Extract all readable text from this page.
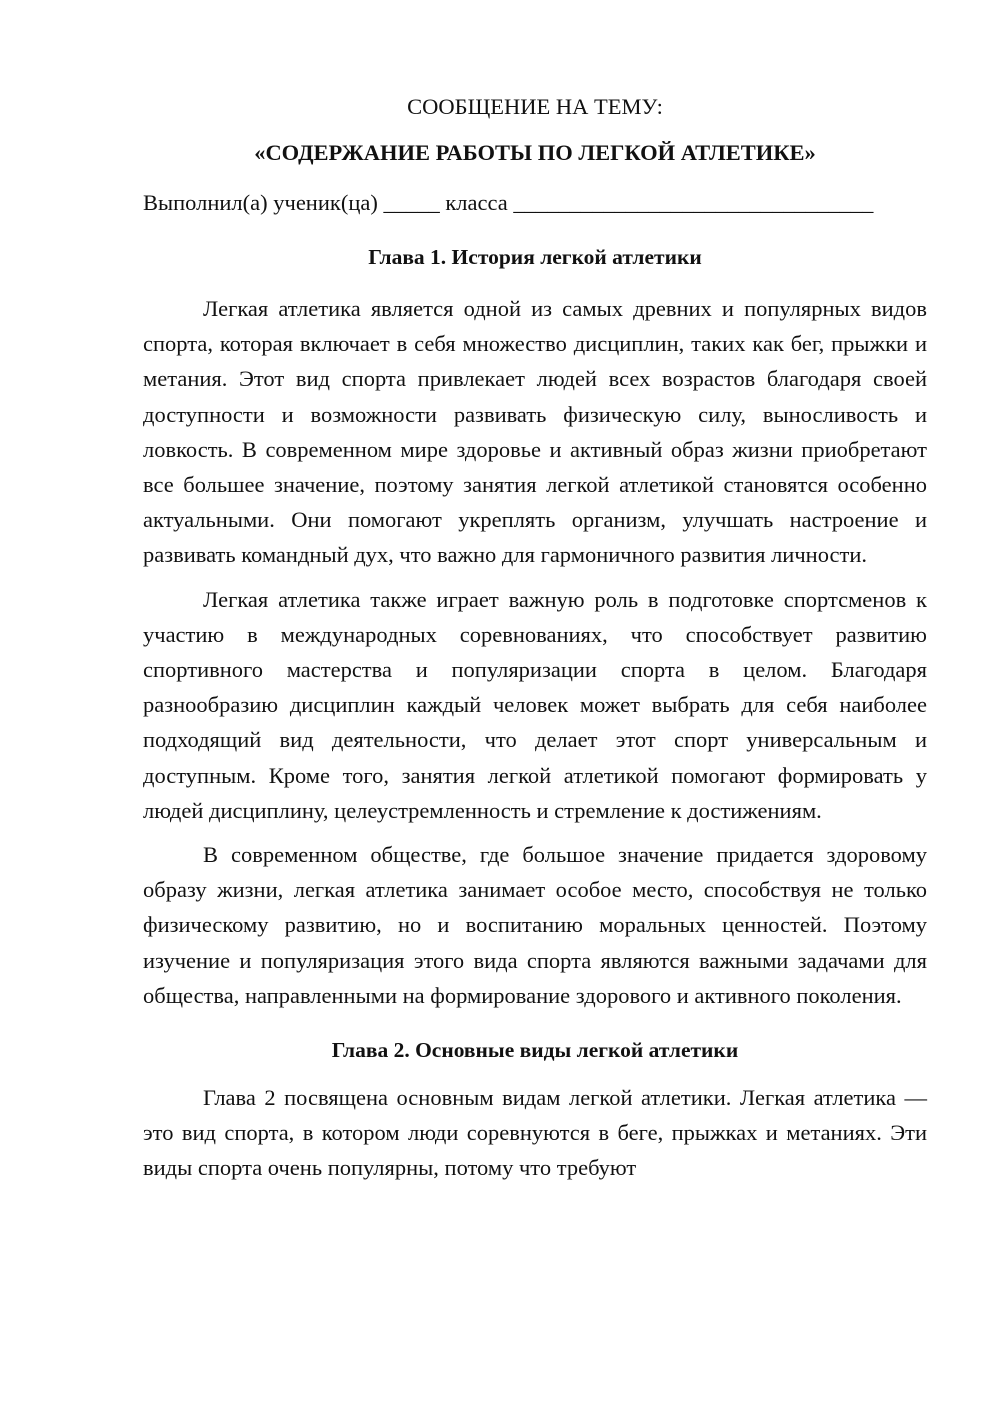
СООБЩЕНИЕ НА ТЕМУ:

«СОДЕРЖАНИЕ РАБОТЫ ПО ЛЕГКОЙ АТЛЕТИКЕ»

Выполнил(а) ученик(ца) _____ класса ________________________________
Глава 1. История легкой атлетики

Легкая атлетика является одной из самых древних и популярных видов спорта, которая включает в себя множество дисциплин, таких как бег, прыжки и метания. Этот вид спорта привлекает людей всех возрастов благодаря своей доступности и возможности развивать физическую силу, выносливость и ловкость. В современном мире здоровье и активный образ жизни приобретают все большее значение, поэтому занятия легкой атлетикой становятся особенно актуальными. Они помогают укреплять организм, улучшать настроение и развивать командный дух, что важно для гармоничного развития личности.

Легкая атлетика также играет важную роль в подготовке спортсменов к участию в международных соревнованиях, что способствует развитию спортивного мастерства и популяризации спорта в целом. Благодаря разнообразию дисциплин каждый человек может выбрать для себя наиболее подходящий вид деятельности, что делает этот спорт универсальным и доступным. Кроме того, занятия легкой атлетикой помогают формировать у людей дисциплину, целеустремленность и стремление к достижениям.

В современном обществе, где большое значение придается здоровому образу жизни, легкая атлетика занимает особое место, способствуя не только физическому развитию, но и воспитанию моральных ценностей. Поэтому изучение и популяризация этого вида спорта являются важными задачами для общества, направленными на формирование здорового и активного поколения.

Глава 2. Основные виды легкой атлетики

Глава 2 посвящена основным видам легкой атлетики. Легкая атлетика — это вид спорта, в котором люди соревнуются в беге, прыжках и метаниях. Эти виды спорта очень популярны, потому что требуют
